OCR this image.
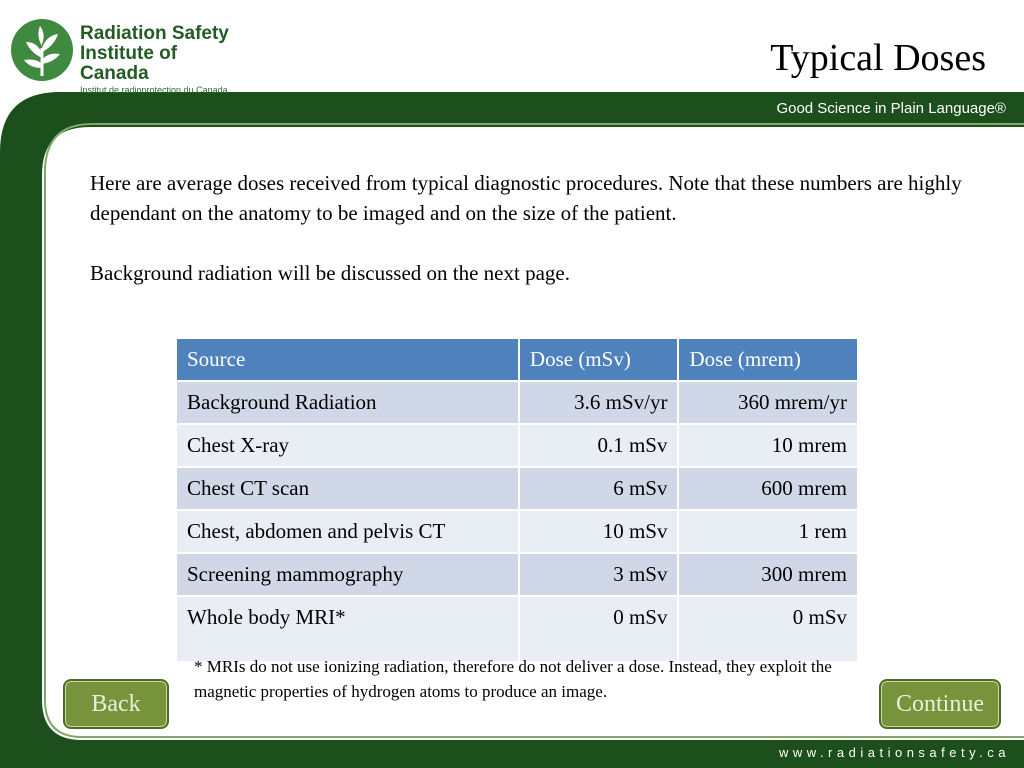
Radiation Safety
Institute of Canada
Institut de radioprotection du Canada
Typical Doses
Good Science in Plain Language®

Here are average doses received from typical diagnostic procedures. Note that these numbers are highly dependant on the anatomy to be imaged and on the size of the patient.

Background radiation will be discussed on the next page.

Source	Dose (mSv)	Dose (mrem)
Background Radiation	3.6 mSv/yr	360 mrem/yr
Chest X-ray	0.1 mSv	10 mrem
Chest CT scan	6 mSv	600 mrem
Chest, abdomen and pelvis CT	10 mSv	1 rem
Screening mammography	3 mSv	300 mrem
Whole body MRI*	0 mSv	0 mSv
* MRIs do not use ionizing radiation, therefore do not deliver a dose. Instead, they exploit the magnetic properties of hydrogen atoms to produce an image.
Back	Continue
www.radiationsafety.ca
